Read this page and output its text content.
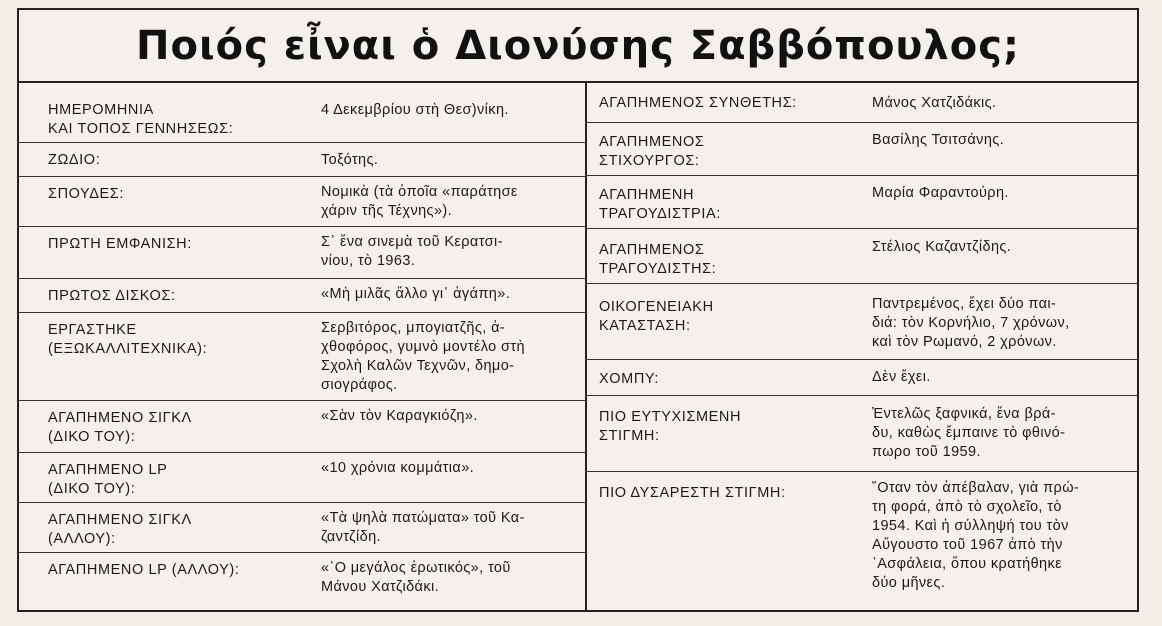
Ποιός εἶναι ὁ Διονύσης Σαββόπουλος;
ΗΜΕΡΟΜΗΝΙΑ
ΚΑΙ ΤΟΠΟΣ ΓΕΝΝΗΣΕΩΣ:
4 Δεκεμβρίου στὴ Θεσ)νίκη.
ΖΩΔΙΟ:	Τοξότης.
ΣΠΟΥΔΕΣ:	Νομικὰ (τὰ ὁποῖα «παράτησε
χάριν τῆς Τέχνης»).
ΠΡΩΤΗ ΕΜΦΑΝΙΣΗ:	Σ᾿ ἕνα σινεμὰ τοῦ Κερατσι-
νίου, τὸ 1963.
ΠΡΩΤΟΣ ΔΙΣΚΟΣ:	«Μὴ μιλᾶς ἄλλο γι᾿ ἀγάπη».
ΕΡΓΑΣΤΗΚΕ
(ΕΞΩΚΑΛΛΙΤΕΧΝΙΚΑ):
Σερβιτόρος, μπογιατζῆς, ἀ-
χθοφόρος, γυμνὸ μοντέλο στὴ
Σχολὴ Καλῶν Τεχνῶν, δημο-
σιογράφος.
ΑΓΑΠΗΜΕΝΟ ΣΙΓΚΛ
(ΔΙΚΟ ΤΟΥ):
«Σὰν τὸν Καραγκιόζη».
ΑΓΑΠΗΜΕΝΟ LP
(ΔΙΚΟ ΤΟΥ):
«10 χρόνια κομμάτια».
ΑΓΑΠΗΜΕΝΟ ΣΙΓΚΛ
(ΑΛΛΟΥ):
«Τὰ ψηλὰ πατώματα» τοῦ Κα-
ζαντζίδη.
ΑΓΑΠΗΜΕΝΟ LP (ΑΛΛΟΥ):	«῾Ο μεγάλος ἐρωτικός», τοῦ
Μάνου Χατζιδάκι.
ΑΓΑΠΗΜΕΝΟΣ ΣΥΝΘΕΤΗΣ:	Μάνος Χατζιδάκις.
ΑΓΑΠΗΜΕΝΟΣ
ΣΤΙΧΟΥΡΓΟΣ:
Βασίλης Τσιτσάνης.
ΑΓΑΠΗΜΕΝΗ
ΤΡΑΓΟΥΔΙΣΤΡΙΑ:
Μαρία Φαραντούρη.
ΑΓΑΠΗΜΕΝΟΣ
ΤΡΑΓΟΥΔΙΣΤΗΣ:
Στέλιος Καζαντζίδης.
ΟΙΚΟΓΕΝΕΙΑΚΗ
ΚΑΤΑΣΤΑΣΗ:
Παντρεμένος, ἔχει δύο παι-
διά: τὸν Κορνήλιο, 7 χρόνων,
καὶ τὸν Ρωμανό, 2 χρόνων.
ΧΟΜΠΥ:	Δὲν ἔχει.
ΠΙΟ ΕΥΤΥΧΙΣΜΕΝΗ
ΣΤΙΓΜΗ:
Ἐντελῶς ξαφνικά, ἕνα βρά-
δυ, καθὼς ἔμπαινε τὸ φθινό-
πωρο τοῦ 1959.
ΠΙΟ ΔΥΣΑΡΕΣΤΗ ΣΤΙΓΜΗ:	῞Οταν τὸν ἀπέβαλαν, γιὰ πρώ-
τη φορά, ἀπὸ τὸ σχολεῖο, τὸ
1954. Καὶ ἡ σύλληψή του τὸν
Αὔγουστο τοῦ 1967 ἀπὸ τὴν
᾿Ασφάλεια, ὅπου κρατήθηκε
δύο μῆνες.
